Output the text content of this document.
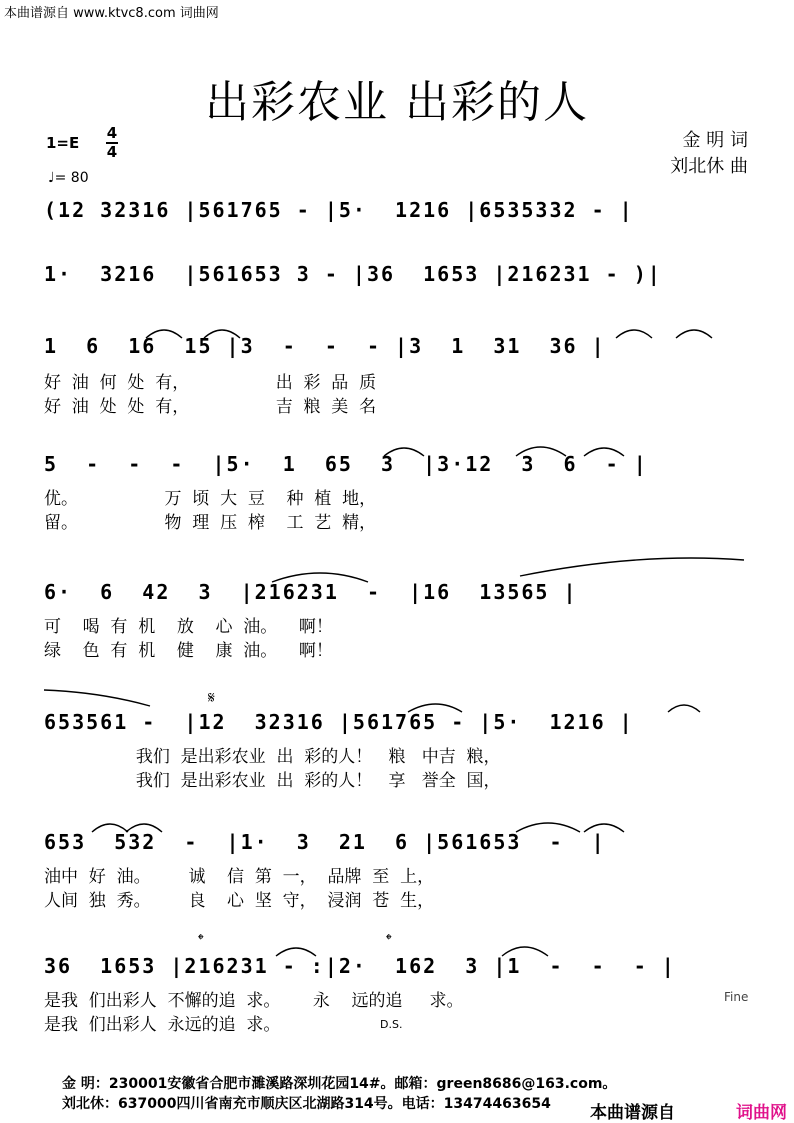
本曲谱源自 www.ktvc8.com 词曲网
出彩农业 出彩的人
1=E
4
4
♩= 80
金 明 词
刘北休 曲
(12 32316 |561765 - |5·  1216 |6535332 - |
1·  3216  |561653 3 - |36  1653 |216231 - )|
1  6  16  15 |3  -  -  - |3  1  31  36 |
好  油  何  处  有，                出  彩  品  质
好  油  处  处  有，                吉  粮  美  名
5  -  -  -  |5·  1  65  3  |3·12  3  6  - |
优。                万  顷  大  豆    种  植  地，
留。                物  理  压  榨    工  艺  精，
6·  6  42  3  |216231  -  |16  13565 |
可    喝  有  机    放    心  油。    啊！
绿    色  有  机    健    康  油。    啊！
𝄋
653561 -  |12  32316 |561765 - |5·  1216 |
我们  是出彩农业  出  彩的人！   粮   中吉  粮，
我们  是出彩农业  出  彩的人！   享   誉全  国，
653  532  -  |1·  3  21  6 |561653  -  |
油中  好  油。       诚    信  第  一，  品牌  至  上，
人间  独  秀。       良    心  坚  守，  浸润  苍  生，
𝄌	𝄌
36  1653 |216231 - :|2·  162  3 |1  -  -  - |
是我  们出彩人  不懈的追  求。      永    远的追     求。
是我  们出彩人  永远的追  求。
Fine
D.S.
金 明：230001安徽省合肥市濉溪路深圳花园14#。邮箱：green8686@163.com。
刘北休：637000四川省南充市顺庆区北湖路314号。电话：13474463654 本曲谱源自	词曲网
